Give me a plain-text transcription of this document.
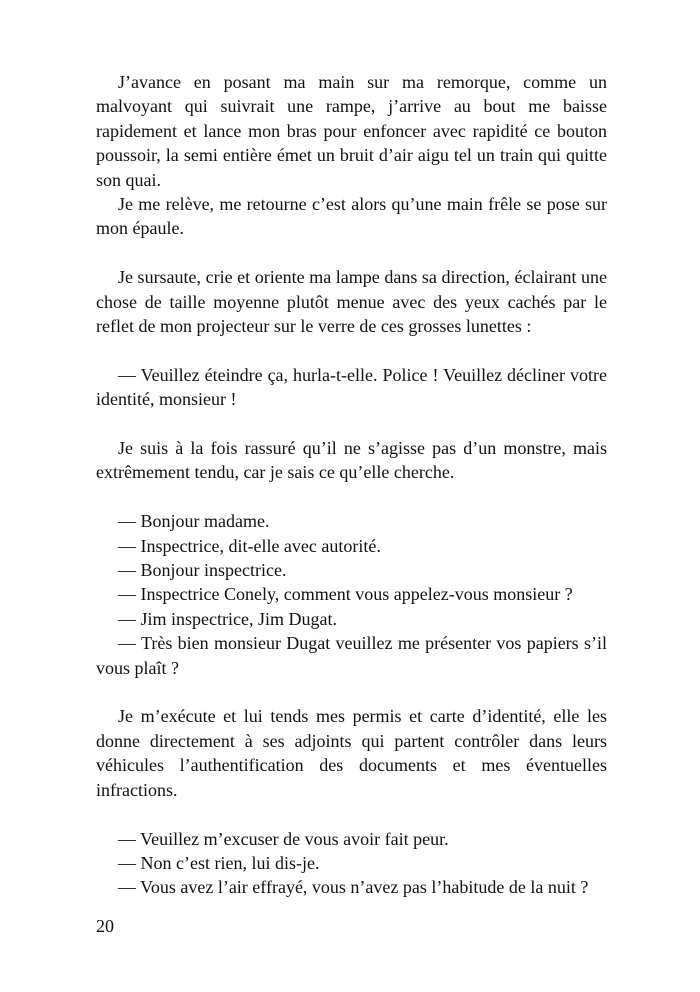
J’avance en posant ma main sur ma remorque, comme un malvoyant qui suivrait une rampe, j’arrive au bout me baisse rapidement et lance mon bras pour enfoncer avec rapidité ce bouton poussoir, la semi entière émet un bruit d’air aigu tel un train qui quitte son quai.

Je me relève, me retourne c’est alors qu’une main frêle se pose sur mon épaule.

Je sursaute, crie et oriente ma lampe dans sa direction, éclairant une chose de taille moyenne plutôt menue avec des yeux cachés par le reflet de mon projecteur sur le verre de ces grosses lunettes :

— Veuillez éteindre ça, hurla-t-elle. Police ! Veuillez décliner votre identité, monsieur !

Je suis à la fois rassuré qu’il ne s’agisse pas d’un monstre, mais extrêmement tendu, car je sais ce qu’elle cherche.

— Bonjour madame.

— Inspectrice, dit-elle avec autorité.

— Bonjour inspectrice.

— Inspectrice Conely, comment vous appelez-vous monsieur ?

— Jim inspectrice, Jim Dugat.

— Très bien monsieur Dugat veuillez me présenter vos papiers s’il vous plaît ?

Je m’exécute et lui tends mes permis et carte d’identité, elle les donne directement à ses adjoints qui partent contrôler dans leurs véhicules l’authentification des documents et mes éventuelles infractions.

— Veuillez m’excuser de vous avoir fait peur.

— Non c’est rien, lui dis-je.

— Vous avez l’air effrayé, vous n’avez pas l’habitude de la nuit ?

20
